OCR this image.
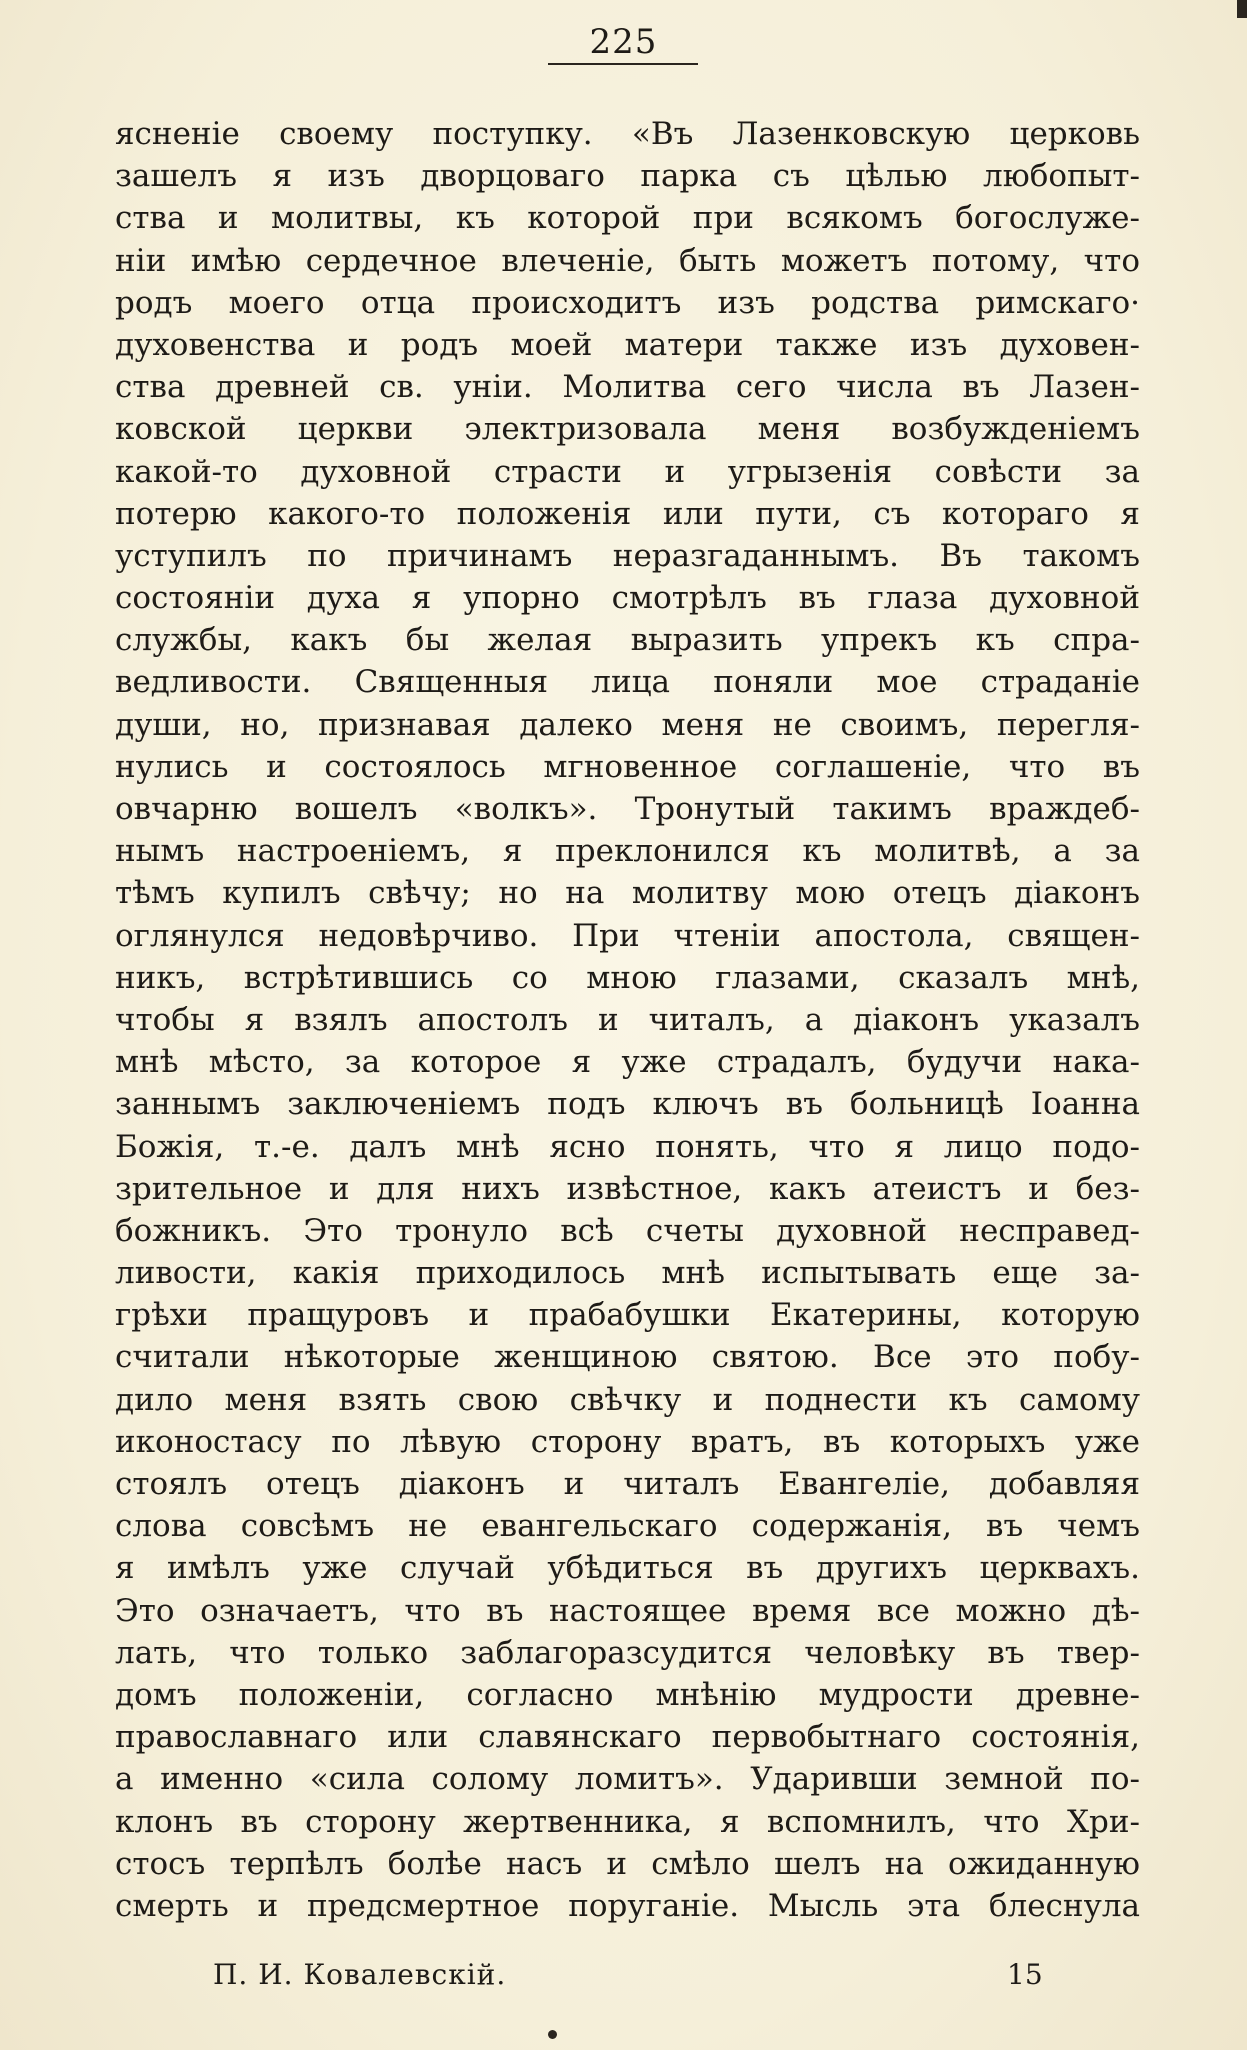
225
ясненіе своему поступку. «Въ Лазенковскую церковь
зашелъ я изъ дворцоваго парка съ цѣлью любопыт-
ства и молитвы, къ которой при всякомъ богослуже-
ніи имѣю сердечное влеченіе, быть можетъ потому, что
родъ моего отца происходитъ изъ родства римскаго·
духовенства и родъ моей матери также изъ духовен-
ства древней св. уніи. Молитва сего числа въ Лазен-
ковской церкви электризовала меня возбужденіемъ
какой-то духовной страсти и угрызенія совѣсти за
потерю какого-то положенія или пути, съ котораго я
уступилъ по причинамъ неразгаданнымъ. Въ такомъ
состояніи духа я упорно смотрѣлъ въ глаза духовной
службы, какъ бы желая выразить упрекъ къ спра-
ведливости. Священныя лица поняли мое страданіе
души, но, признавая далеко меня не своимъ, перегля-
нулись и состоялось мгновенное соглашеніе, что въ
овчарню вошелъ «волкъ». Тронутый такимъ враждеб-
нымъ настроеніемъ, я преклонился къ молитвѣ, а за
тѣмъ купилъ свѣчу; но на молитву мою отецъ діаконъ
оглянулся недовѣрчиво. При чтеніи апостола, священ-
никъ, встрѣтившись со мною глазами, сказалъ мнѣ,
чтобы я взялъ апостолъ и читалъ, а діаконъ указалъ
мнѣ мѣсто, за которое я уже страдалъ, будучи нака-
заннымъ заключеніемъ подъ ключъ въ больницѣ Іоанна
Божія, т.-е. далъ мнѣ ясно понять, что я лицо подо-
зрительное и для нихъ извѣстное, какъ атеистъ и без-
божникъ. Это тронуло всѣ счеты духовной несправед-
ливости, какія приходилось мнѣ испытывать еще за-
грѣхи пращуровъ и прабабушки Екатерины, которую
считали нѣкоторые женщиною святою. Все это побу-
дило меня взять свою свѣчку и поднести къ самому
иконостасу по лѣвую сторону вратъ, въ которыхъ уже
стоялъ отецъ діаконъ и читалъ Евангеліе, добавляя
слова совсѣмъ не евангельскаго содержанія, въ чемъ
я имѣлъ уже случай убѣдиться въ другихъ церквахъ.
Это означаетъ, что въ настоящее время все можно дѣ-
лать, что только заблагоразсудится человѣку въ твер-
домъ положеніи, согласно мнѣнію мудрости древне-
православнаго или славянскаго первобытнаго состоянія,
а именно «сила солому ломитъ». Ударивши земной по-
клонъ въ сторону жертвенника, я вспомнилъ, что Хри-
стосъ терпѣлъ болѣе насъ и смѣло шелъ на ожиданную
смерть и предсмертное поруганіе. Мысль эта блеснула
П. И. Ковалевскій.	15
